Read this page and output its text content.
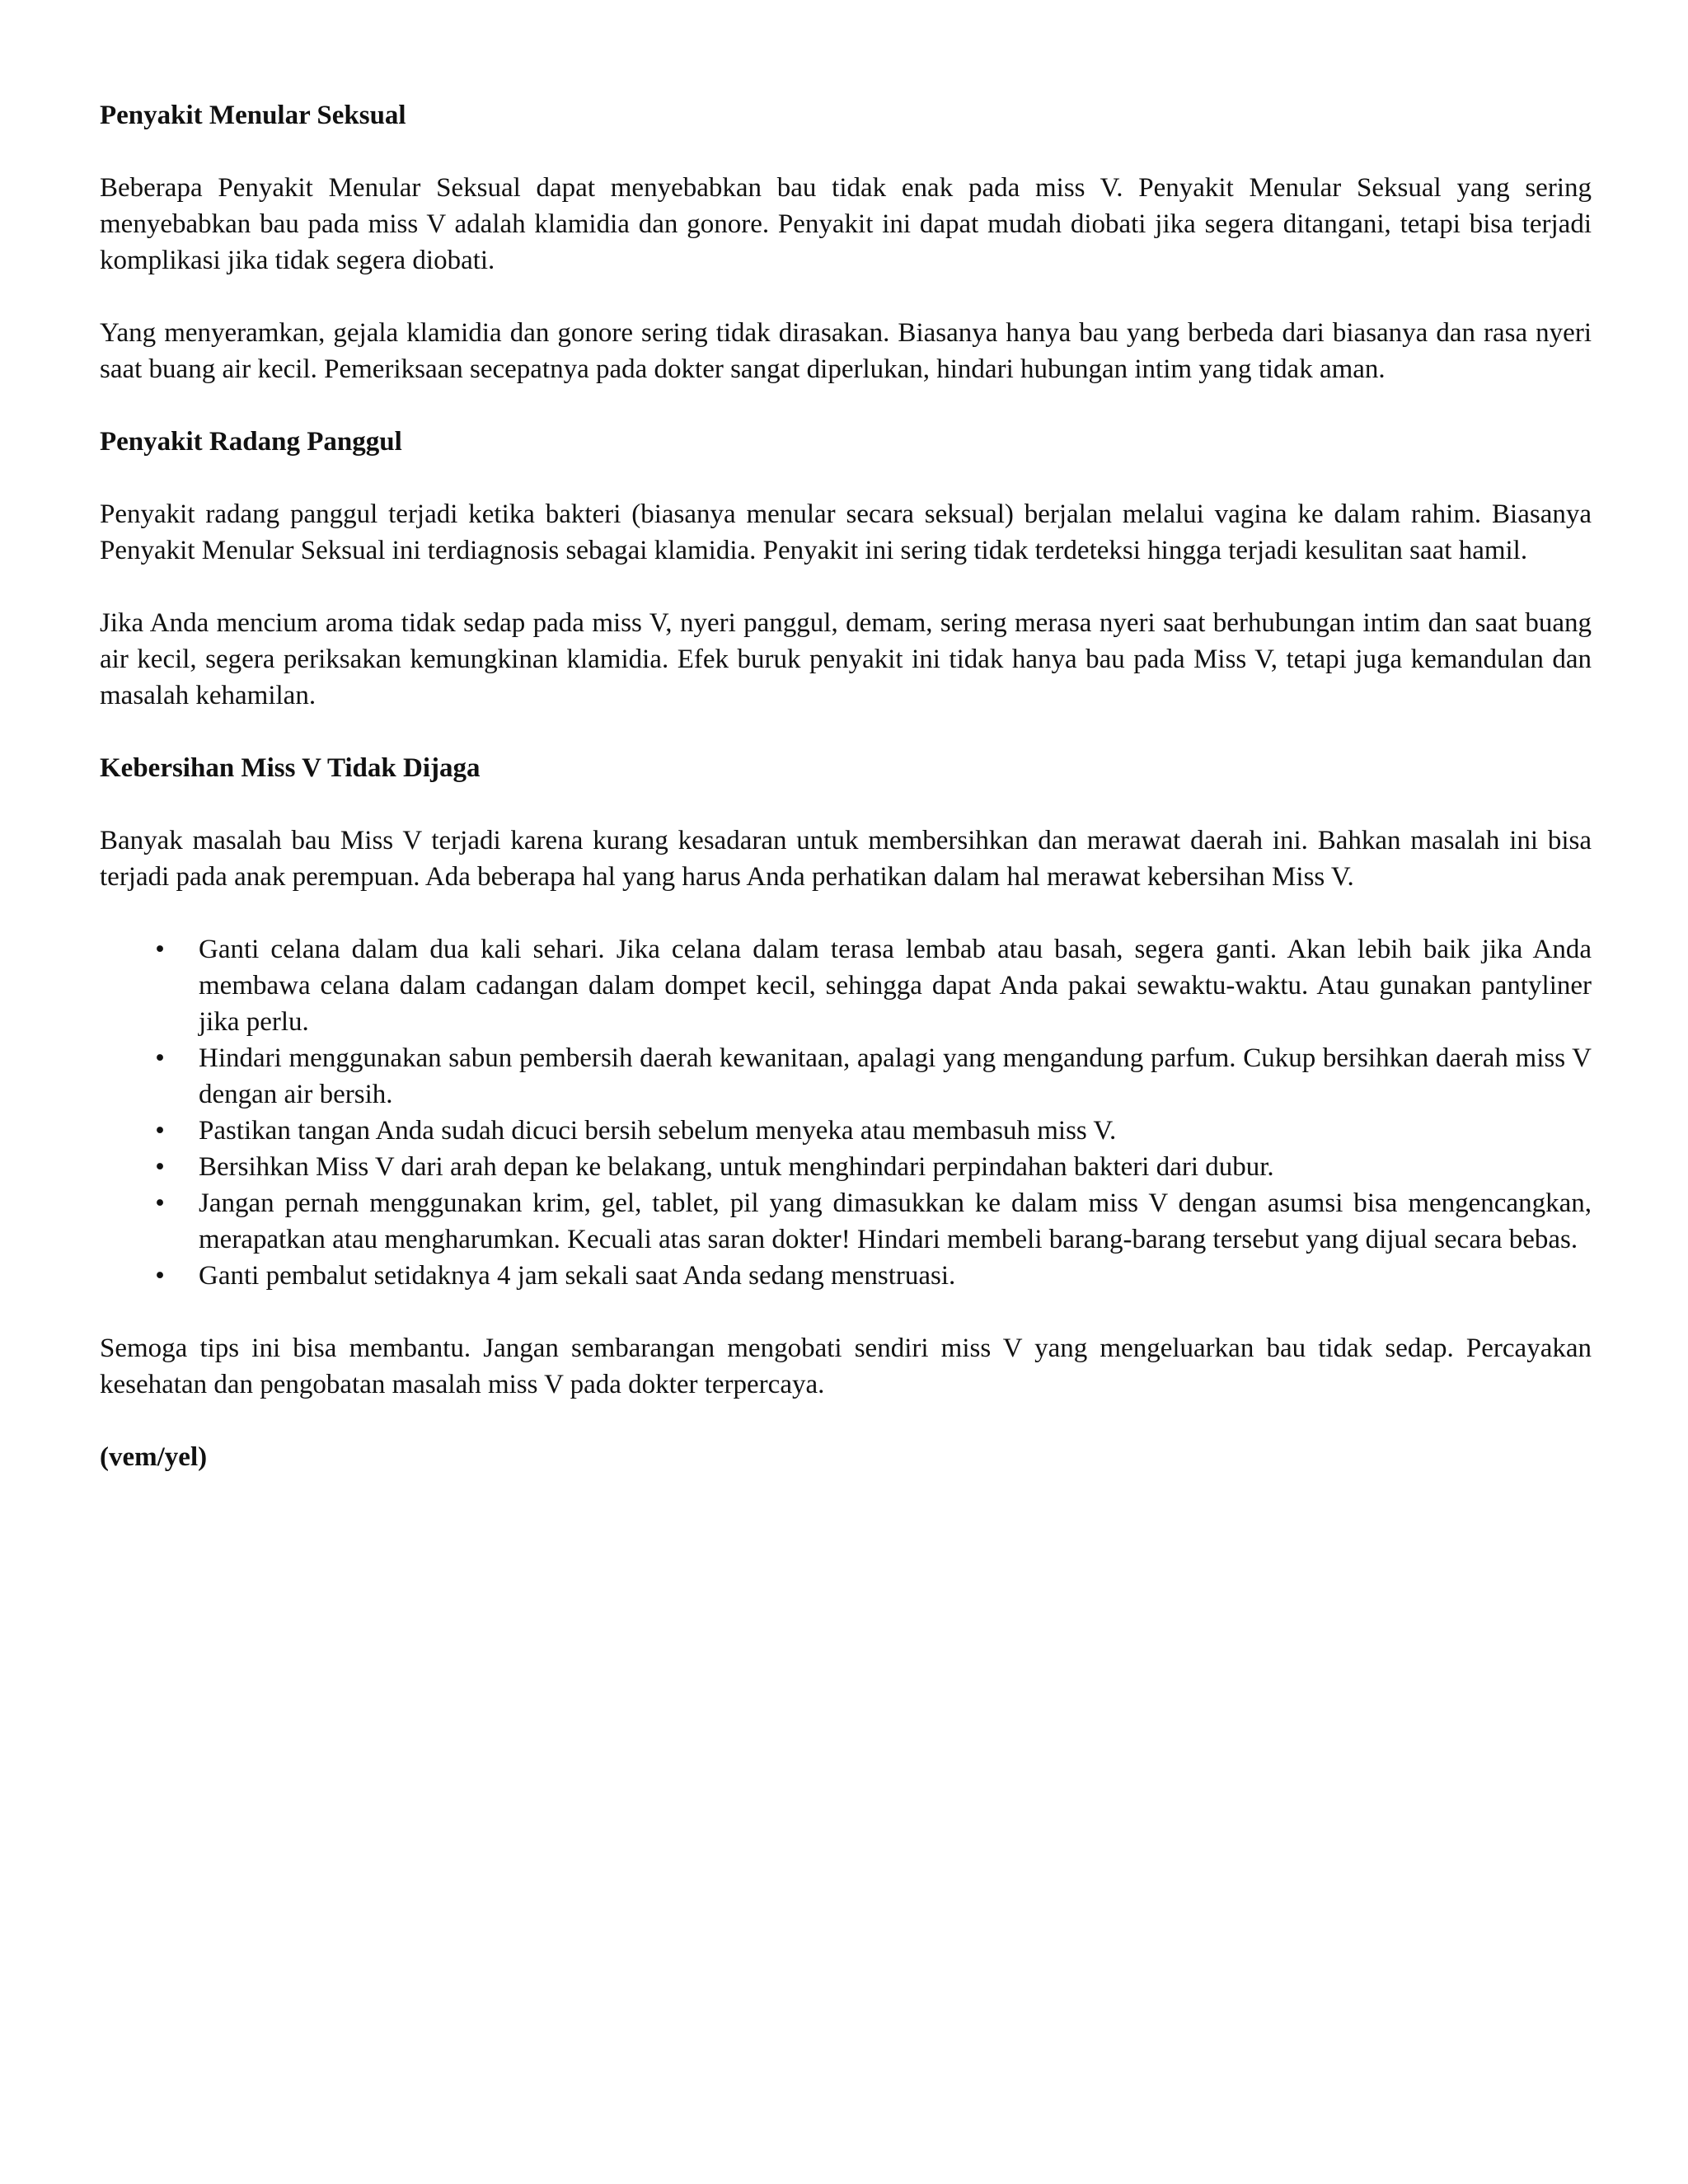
Penyakit Menular Seksual

Beberapa Penyakit Menular Seksual dapat menyebabkan bau tidak enak pada miss V. Penyakit Menular Seksual yang sering menyebabkan bau pada miss V adalah klamidia dan gonore. Penyakit ini dapat mudah diobati jika segera ditangani, tetapi bisa terjadi komplikasi jika tidak segera diobati.

Yang menyeramkan, gejala klamidia dan gonore sering tidak dirasakan. Biasanya hanya bau yang berbeda dari biasanya dan rasa nyeri saat buang air kecil. Pemeriksaan secepatnya pada dokter sangat diperlukan, hindari hubungan intim yang tidak aman.

Penyakit Radang Panggul

Penyakit radang panggul terjadi ketika bakteri (biasanya menular secara seksual) berjalan melalui vagina ke dalam rahim. Biasanya Penyakit Menular Seksual ini terdiagnosis sebagai klamidia. Penyakit ini sering tidak terdeteksi hingga terjadi kesulitan saat hamil.

Jika Anda mencium aroma tidak sedap pada miss V, nyeri panggul, demam, sering merasa nyeri saat berhubungan intim dan saat buang air kecil, segera periksakan kemungkinan klamidia. Efek buruk penyakit ini tidak hanya bau pada Miss V, tetapi juga kemandulan dan masalah kehamilan.

Kebersihan Miss V Tidak Dijaga

Banyak masalah bau Miss V terjadi karena kurang kesadaran untuk membersihkan dan merawat daerah ini. Bahkan masalah ini bisa terjadi pada anak perempuan. Ada beberapa hal yang harus Anda perhatikan dalam hal merawat kebersihan Miss V.

• Ganti celana dalam dua kali sehari. Jika celana dalam terasa lembab atau basah, segera ganti. Akan lebih baik jika Anda membawa celana dalam cadangan dalam dompet kecil, sehingga dapat Anda pakai sewaktu-waktu. Atau gunakan pantyliner jika perlu.
• Hindari menggunakan sabun pembersih daerah kewanitaan, apalagi yang mengandung parfum. Cukup bersihkan daerah miss V dengan air bersih.
• Pastikan tangan Anda sudah dicuci bersih sebelum menyeka atau membasuh miss V.
• Bersihkan Miss V dari arah depan ke belakang, untuk menghindari perpindahan bakteri dari dubur.
• Jangan pernah menggunakan krim, gel, tablet, pil yang dimasukkan ke dalam miss V dengan asumsi bisa mengencangkan, merapatkan atau mengharumkan. Kecuali atas saran dokter! Hindari membeli barang-barang tersebut yang dijual secara bebas.
• Ganti pembalut setidaknya 4 jam sekali saat Anda sedang menstruasi.

Semoga tips ini bisa membantu. Jangan sembarangan mengobati sendiri miss V yang mengeluarkan bau tidak sedap. Percayakan kesehatan dan pengobatan masalah miss V pada dokter terpercaya.

(vem/yel)
